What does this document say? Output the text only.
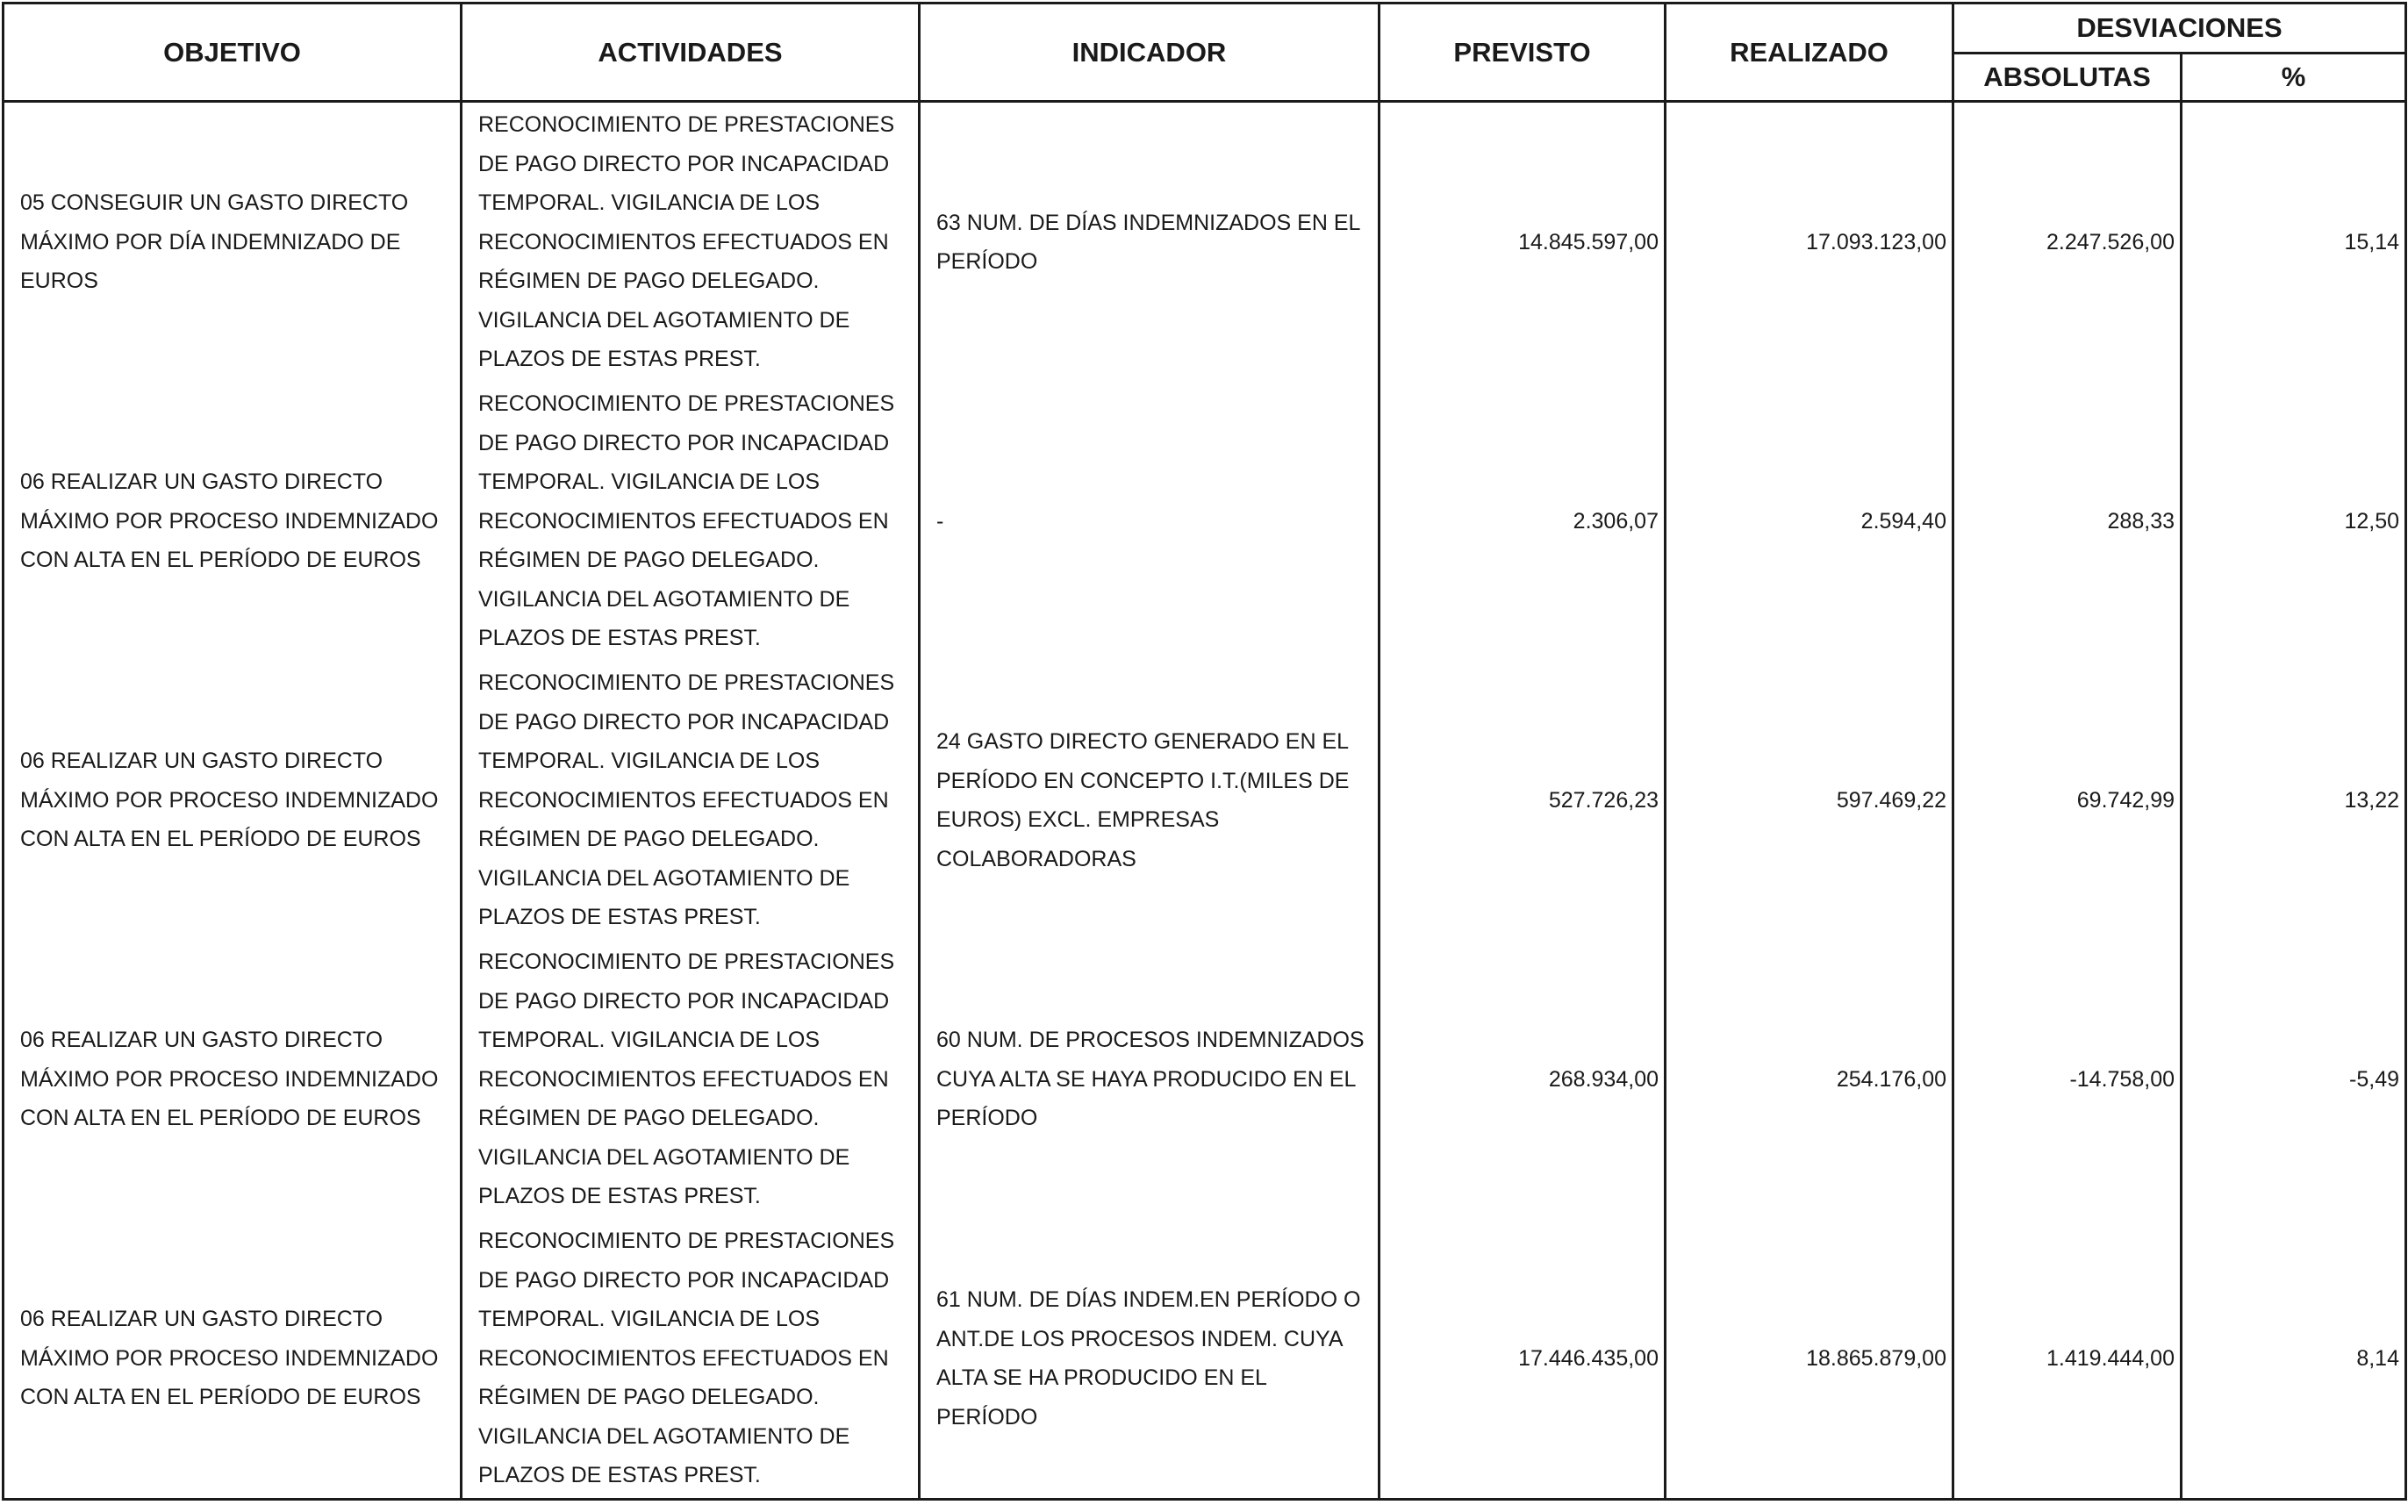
OBJETIVO	ACTIVIDADES	INDICADOR	PREVISTO	REALIZADO	DESVIACIONES	
					ABSOLUTAS	%
05 CONSEGUIR UN GASTO DIRECTO MÁXIMO POR DÍA INDEMNIZADO DE EUROS	RECONOCIMIENTO DE PRESTACIONES DE PAGO DIRECTO POR INCAPACIDAD TEMPORAL. VIGILANCIA DE LOS RECONOCIMIENTOS EFECTUADOS EN RÉGIMEN DE PAGO DELEGADO. VIGILANCIA DEL AGOTAMIENTO DE PLAZOS DE ESTAS PREST.	63 NUM. DE DÍAS INDEMNIZADOS EN EL PERÍODO	14.845.597,00	17.093.123,00	2.247.526,00	15,14
06 REALIZAR UN GASTO DIRECTO MÁXIMO POR PROCESO INDEMNIZADO CON ALTA EN EL PERÍODO DE EUROS	RECONOCIMIENTO DE PRESTACIONES DE PAGO DIRECTO POR INCAPACIDAD TEMPORAL. VIGILANCIA DE LOS RECONOCIMIENTOS EFECTUADOS EN RÉGIMEN DE PAGO DELEGADO. VIGILANCIA DEL AGOTAMIENTO DE PLAZOS DE ESTAS PREST.	-	2.306,07	2.594,40	288,33	12,50
06 REALIZAR UN GASTO DIRECTO MÁXIMO POR PROCESO INDEMNIZADO CON ALTA EN EL PERÍODO DE EUROS	RECONOCIMIENTO DE PRESTACIONES DE PAGO DIRECTO POR INCAPACIDAD TEMPORAL. VIGILANCIA DE LOS RECONOCIMIENTOS EFECTUADOS EN RÉGIMEN DE PAGO DELEGADO. VIGILANCIA DEL AGOTAMIENTO DE PLAZOS DE ESTAS PREST.	24 GASTO DIRECTO GENERADO EN EL PERÍODO EN CONCEPTO I.T.(MILES DE EUROS) EXCL. EMPRESAS COLABORADORAS	527.726,23	597.469,22	69.742,99	13,22
06 REALIZAR UN GASTO DIRECTO MÁXIMO POR PROCESO INDEMNIZADO CON ALTA EN EL PERÍODO DE EUROS	RECONOCIMIENTO DE PRESTACIONES DE PAGO DIRECTO POR INCAPACIDAD TEMPORAL. VIGILANCIA DE LOS RECONOCIMIENTOS EFECTUADOS EN RÉGIMEN DE PAGO DELEGADO. VIGILANCIA DEL AGOTAMIENTO DE PLAZOS DE ESTAS PREST.	60 NUM. DE PROCESOS INDEMNIZADOS CUYA ALTA SE HAYA PRODUCIDO EN EL PERÍODO	268.934,00	254.176,00	-14.758,00	-5,49
06 REALIZAR UN GASTO DIRECTO MÁXIMO POR PROCESO INDEMNIZADO CON ALTA EN EL PERÍODO DE EUROS	RECONOCIMIENTO DE PRESTACIONES DE PAGO DIRECTO POR INCAPACIDAD TEMPORAL. VIGILANCIA DE LOS RECONOCIMIENTOS EFECTUADOS EN RÉGIMEN DE PAGO DELEGADO. VIGILANCIA DEL AGOTAMIENTO DE PLAZOS DE ESTAS PREST.	61 NUM. DE DÍAS INDEM.EN PERÍODO O ANT.DE LOS PROCESOS INDEM. CUYA ALTA SE HA PRODUCIDO EN EL PERÍODO	17.446.435,00	18.865.879,00	1.419.444,00	8,14
